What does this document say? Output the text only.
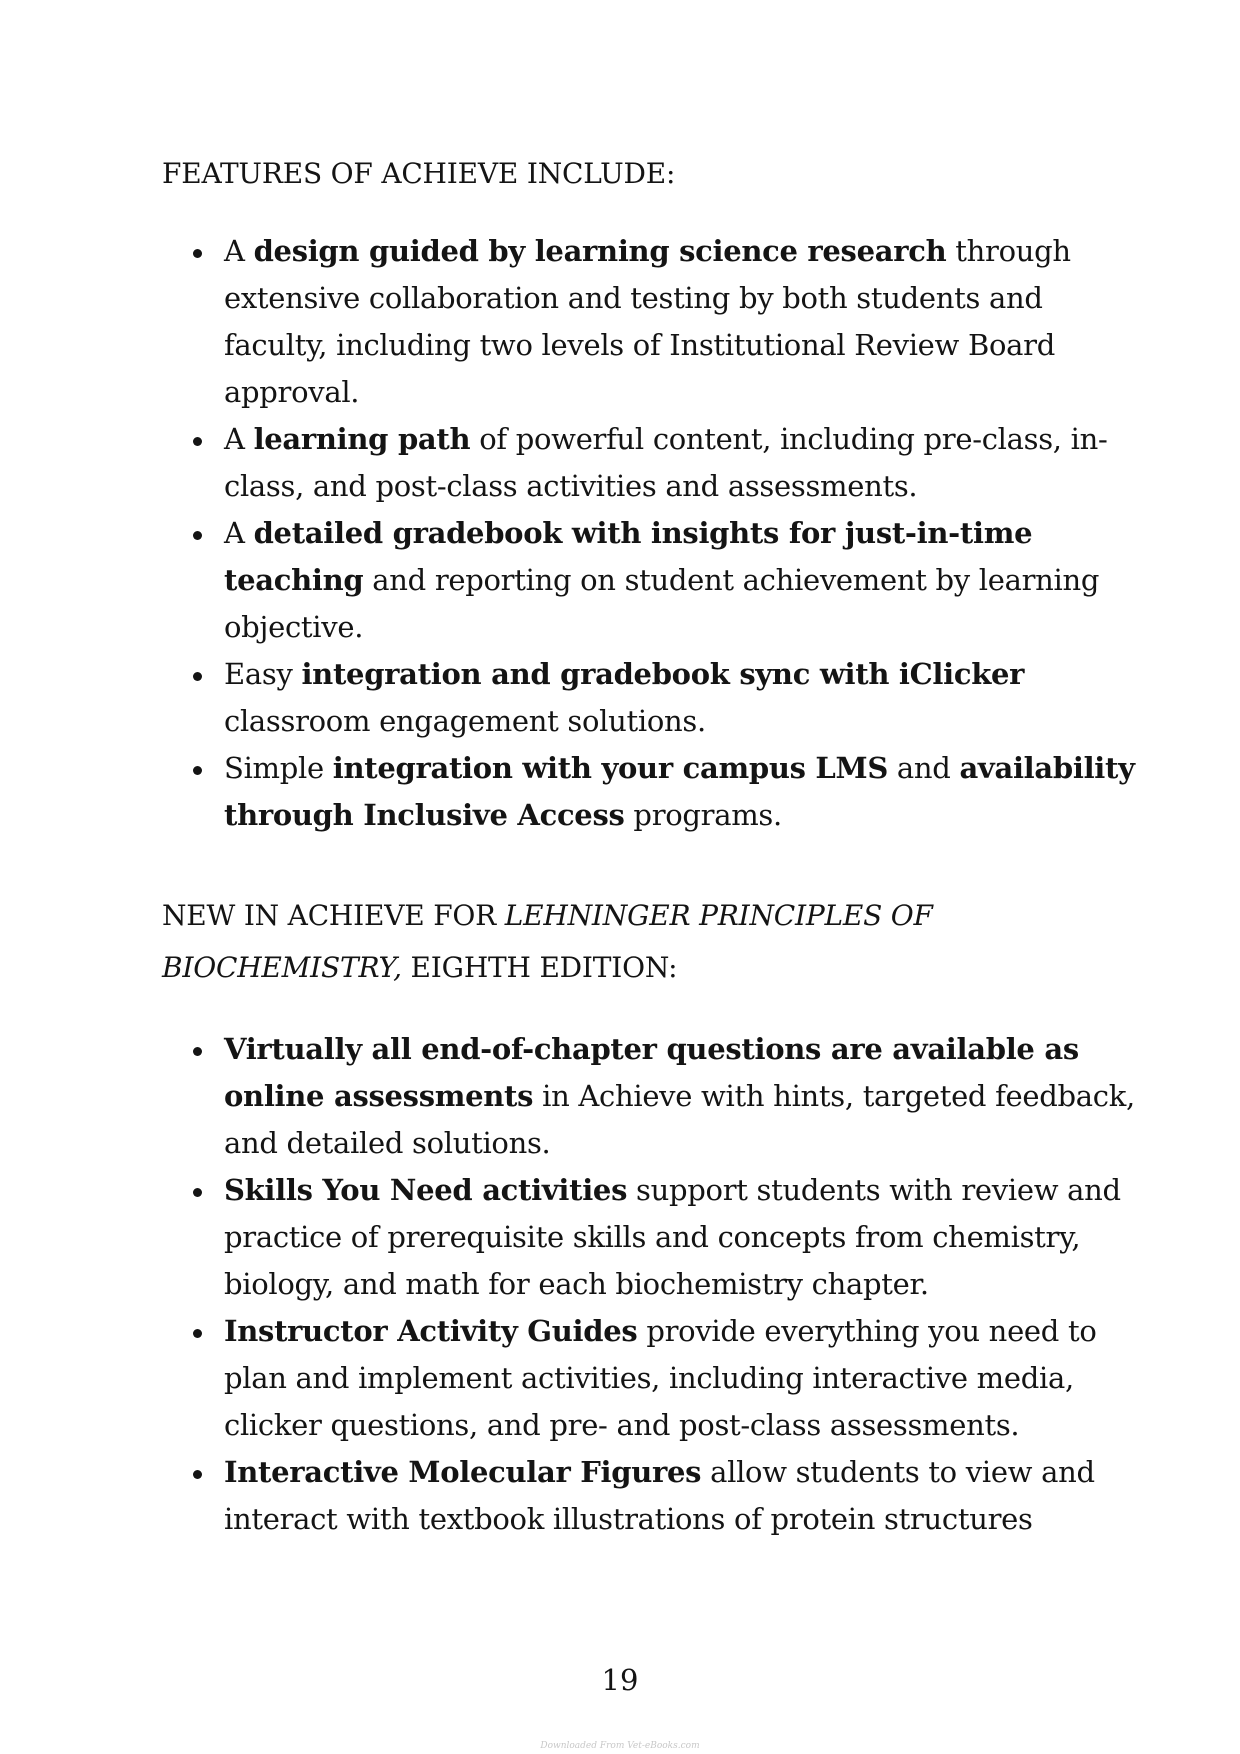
FEATURES OF ACHIEVE INCLUDE:
A design guided by learning science research through extensive collaboration and testing by both students and faculty, including two levels of Institutional Review Board approval.
A learning path of powerful content, including pre-class, in-class, and post-class activities and assessments.
A detailed gradebook with insights for just-in-time teaching and reporting on student achievement by learning objective.
Easy integration and gradebook sync with iClicker classroom engagement solutions.
Simple integration with your campus LMS and availability through Inclusive Access programs.
NEW IN ACHIEVE FOR LEHNINGER PRINCIPLES OF BIOCHEMISTRY, EIGHTH EDITION:
Virtually all end-of-chapter questions are available as online assessments in Achieve with hints, targeted feedback, and detailed solutions.
Skills You Need activities support students with review and practice of prerequisite skills and concepts from chemistry, biology, and math for each biochemistry chapter.
Instructor Activity Guides provide everything you need to plan and implement activities, including interactive media, clicker questions, and pre- and post-class assessments.
Interactive Molecular Figures allow students to view and interact with textbook illustrations of protein structures
19
Downloaded From Vet-eBooks.com
